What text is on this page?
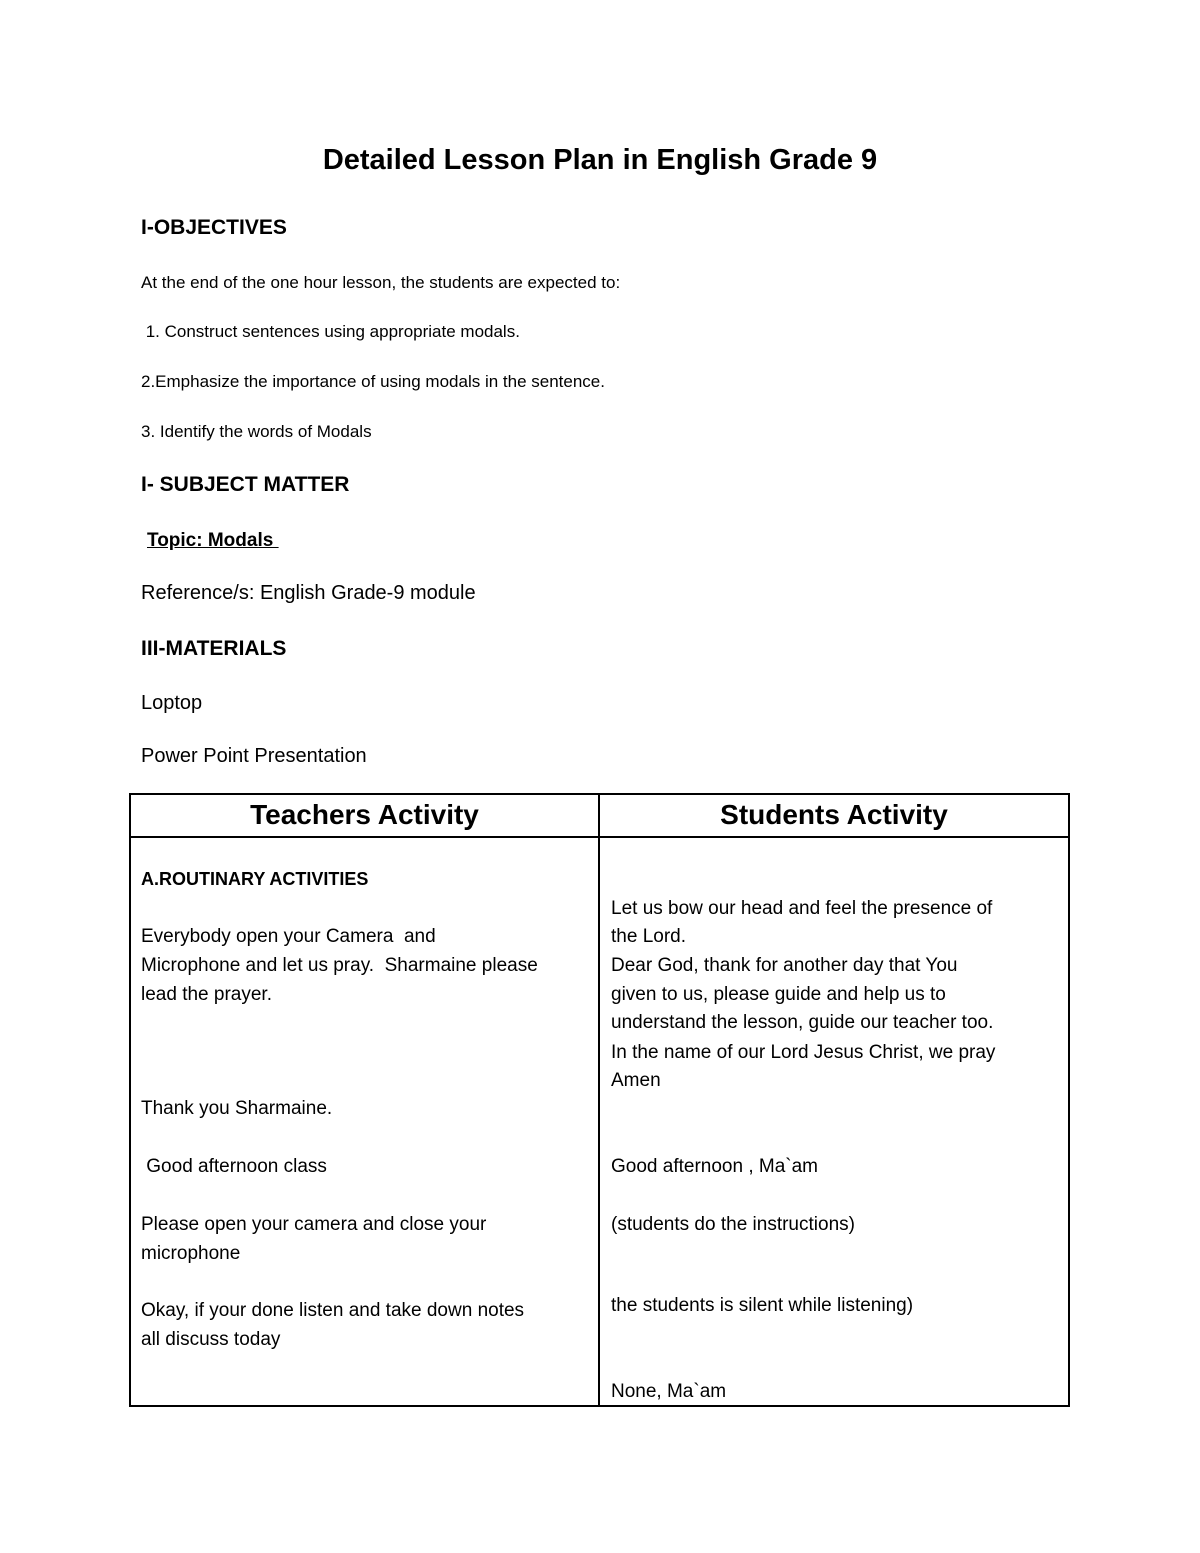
Detailed Lesson Plan in English Grade 9
I-OBJECTIVES
At the end of the one hour lesson, the students are expected to:
1. Construct sentences using appropriate modals.
2.Emphasize the importance of using modals in the sentence.
3. Identify the words of Modals
I- SUBJECT MATTER
Topic: Modals
Reference/s: English Grade-9 module
III-MATERIALS
Loptop
Power Point Presentation
Teachers Activity	Students Activity
A.ROUTINARY ACTIVITIES
Everybody open your Camera  and
Microphone and let us pray.  Sharmaine please
lead the prayer.
Thank you Sharmaine.
Good afternoon class
Please open your camera and close your
microphone
Okay, if your done listen and take down notes
all discuss today
Let us bow our head and feel the presence of
the Lord.
Dear God, thank for another day that You
given to us, please guide and help us to
understand the lesson, guide our teacher too.
In the name of our Lord Jesus Christ, we pray
Amen
Good afternoon , Ma`am
(students do the instructions)
the students is silent while listening)
None, Ma`am
